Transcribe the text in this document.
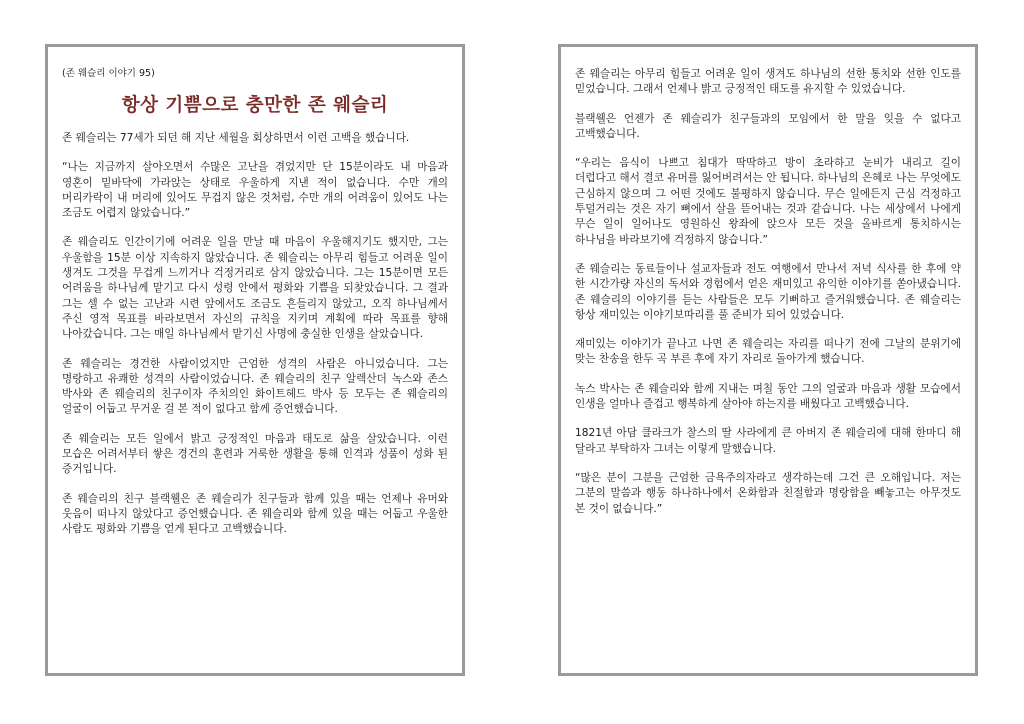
(존 웨슬리 이야기 95)

항상 기쁨으로 충만한 존 웨슬리

존 웨슬리는 77세가 되던 해 지난 세월을 회상하면서 이런 고백을 했습니다.

“나는 지금까지 살아오면서 수많은 고난을 겪었지만 단 15분이라도 내 마음과 영혼이 밑바닥에 가라앉는 상태로 우울하게 지낸 적이 없습니다. 수만 개의 머리카락이 내 머리에 있어도 무겁지 않은 것처럼, 수만 개의 어려움이 있어도 나는 조금도 어렵지 않았습니다.”

존 웨슬리도 인간이기에 어려운 일을 만날 때 마음이 우울해지기도 했지만, 그는 우울함을 15분 이상 지속하지 않았습니다. 존 웨슬리는 아무리 힘들고 어려운 일이 생겨도 그것을 무겁게 느끼거나 걱정거리로 삼지 않았습니다. 그는 15분이면 모든 어려움을 하나님께 맡기고 다시 성령 안에서 평화와 기쁨을 되찾았습니다. 그 결과 그는 셀 수 없는 고난과 시련 앞에서도 조금도 흔들리지 않았고, 오직 하나님께서 주신 영적 목표를 바라보면서 자신의 규칙을 지키며 계획에 따라 목표를 향해 나아갔습니다. 그는 매일 하나님께서 맡기신 사명에 충실한 인생을 살았습니다.

존 웨슬리는 경건한 사람이었지만 근엄한 성격의 사람은 아니었습니다. 그는 명랑하고 유쾌한 성격의 사람이었습니다. 존 웨슬리의 친구 알렉산더 녹스와 존스 박사와 존 웨슬리의 친구이자 주치의인 화이트헤드 박사 등 모두는 존 웨슬리의 얼굴이 어둡고 무거운 걸 본 적이 없다고 함께 증언했습니다.

존 웨슬리는 모든 일에서 밝고 긍정적인 마음과 태도로 삶을 살았습니다. 이런 모습은 어려서부터 쌓은 경건의 훈련과 거룩한 생활을 통해 인격과 성품이 성화 된 증거입니다.

존 웨슬리의 친구 블랙웰은 존 웨슬리가 친구들과 함께 있을 때는 언제나 유머와 웃음이 떠나지 않았다고 증언했습니다. 존 웨슬리와 함께 있을 때는 어둡고 우울한 사람도 평화와 기쁨을 얻게 된다고 고백했습니다.

존 웨슬리는 아무리 힘들고 어려운 일이 생겨도 하나님의 선한 통치와 선한 인도를 믿었습니다. 그래서 언제나 밝고 긍정적인 태도를 유지할 수 있었습니다.

블랙웰은 언젠가 존 웨슬리가 친구들과의 모임에서 한 말을 잊을 수 없다고 고백했습니다.

“우리는 음식이 나쁘고 침대가 딱딱하고 방이 초라하고 눈비가 내리고 길이 더럽다고 해서 결코 유머를 잃어버려서는 안 됩니다. 하나님의 은혜로 나는 무엇에도 근심하지 않으며 그 어떤 것에도 불평하지 않습니다. 무슨 일에든지 근심 걱정하고 투덜거리는 것은 자기 뼈에서 살을 뜯어내는 것과 같습니다. 나는 세상에서 나에게 무슨 일이 일어나도 영원하신 왕좌에 앉으사 모든 것을 올바르게 통치하시는 하나님을 바라보기에 걱정하지 않습니다.”

존 웨슬리는 동료들이나 설교자들과 전도 여행에서 만나서 저녁 식사를 한 후에 약 한 시간가량 자신의 독서와 경험에서 얻은 재미있고 유익한 이야기를 쏟아냈습니다. 존 웨슬리의 이야기를 듣는 사람들은 모두 기뻐하고 즐거워했습니다. 존 웨슬리는 항상 재미있는 이야기보따리를 풀 준비가 되어 있었습니다.

재미있는 이야기가 끝나고 나면 존 웨슬리는 자리를 떠나기 전에 그날의 분위기에 맞는 찬송을 한두 곡 부른 후에 자기 자리로 돌아가게 했습니다.

녹스 박사는 존 웨슬리와 함께 지내는 며칠 동안 그의 얼굴과 마음과 생활 모습에서 인생을 얼마나 즐겁고 행복하게 살아야 하는지를 배웠다고 고백했습니다.

1821년 아담 클라크가 찰스의 딸 사라에게 큰 아버지 존 웨슬리에 대해 한마디 해 달라고 부탁하자 그녀는 이렇게 말했습니다.

“많은 분이 그분을 근엄한 금욕주의자라고 생각하는데 그건 큰 오해입니다. 저는 그분의 말씀과 행동 하나하나에서 온화함과 친절함과 명랑함을 빼놓고는 아무것도 본 것이 없습니다.”
